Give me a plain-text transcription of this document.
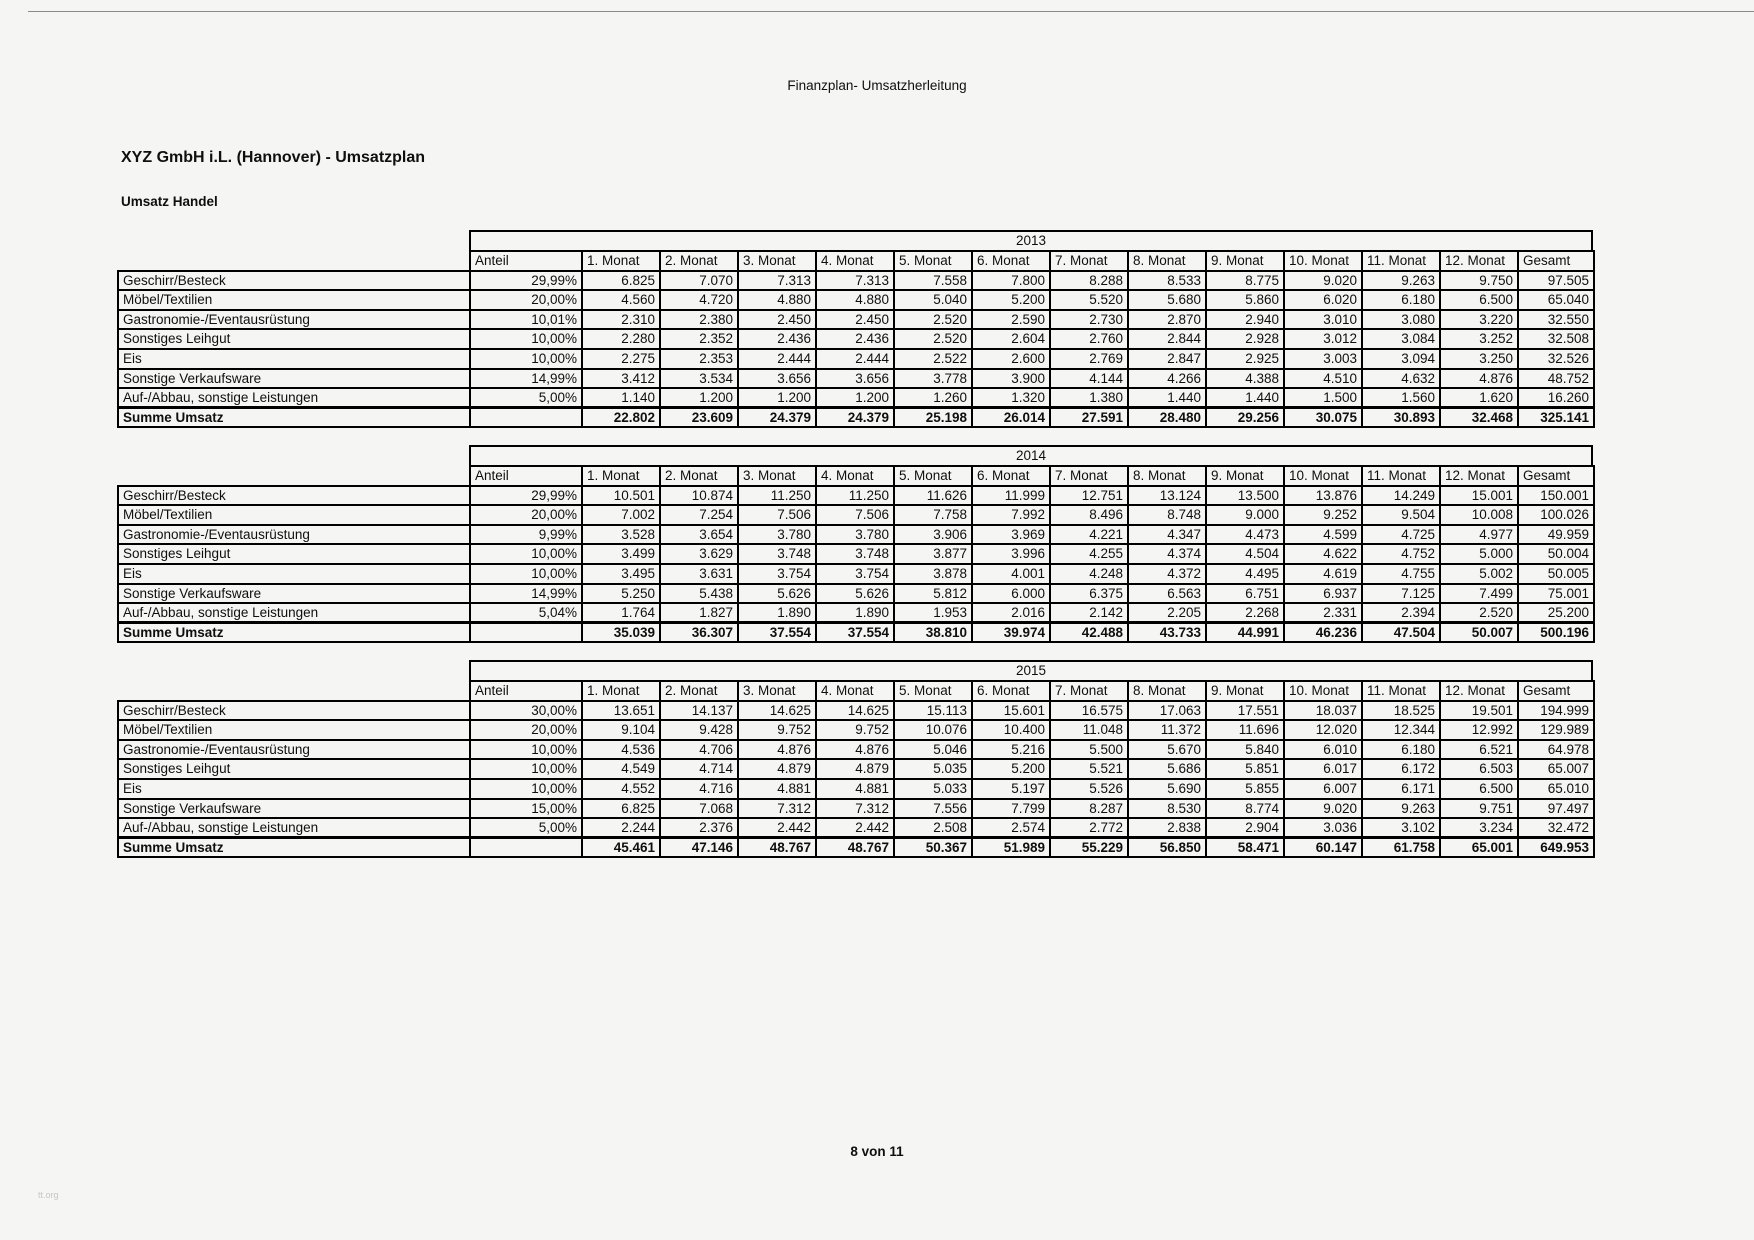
Finanzplan- Umsatzherleitung
XYZ GmbH i.L. (Hannover) - Umsatzplan
Umsatz Handel
2013
	Anteil	1. Monat	2. Monat	3. Monat	4. Monat	5. Monat	6. Monat	7. Monat	8. Monat	9. Monat	10. Monat	11. Monat	12. Monat	Gesamt
Geschirr/Besteck	29,99%	6.825	7.070	7.313	7.313	7.558	7.800	8.288	8.533	8.775	9.020	9.263	9.750	97.505
Möbel/Textilien	20,00%	4.560	4.720	4.880	4.880	5.040	5.200	5.520	5.680	5.860	6.020	6.180	6.500	65.040
Gastronomie-/Eventausrüstung	10,01%	2.310	2.380	2.450	2.450	2.520	2.590	2.730	2.870	2.940	3.010	3.080	3.220	32.550
Sonstiges Leihgut	10,00%	2.280	2.352	2.436	2.436	2.520	2.604	2.760	2.844	2.928	3.012	3.084	3.252	32.508
Eis	10,00%	2.275	2.353	2.444	2.444	2.522	2.600	2.769	2.847	2.925	3.003	3.094	3.250	32.526
Sonstige Verkaufsware	14,99%	3.412	3.534	3.656	3.656	3.778	3.900	4.144	4.266	4.388	4.510	4.632	4.876	48.752
Auf-/Abbau, sonstige Leistungen	5,00%	1.140	1.200	1.200	1.200	1.260	1.320	1.380	1.440	1.440	1.500	1.560	1.620	16.260
Summe Umsatz		22.802	23.609	24.379	24.379	25.198	26.014	27.591	28.480	29.256	30.075	30.893	32.468	325.141
2014
	Anteil	1. Monat	2. Monat	3. Monat	4. Monat	5. Monat	6. Monat	7. Monat	8. Monat	9. Monat	10. Monat	11. Monat	12. Monat	Gesamt
Geschirr/Besteck	29,99%	10.501	10.874	11.250	11.250	11.626	11.999	12.751	13.124	13.500	13.876	14.249	15.001	150.001
Möbel/Textilien	20,00%	7.002	7.254	7.506	7.506	7.758	7.992	8.496	8.748	9.000	9.252	9.504	10.008	100.026
Gastronomie-/Eventausrüstung	9,99%	3.528	3.654	3.780	3.780	3.906	3.969	4.221	4.347	4.473	4.599	4.725	4.977	49.959
Sonstiges Leihgut	10,00%	3.499	3.629	3.748	3.748	3.877	3.996	4.255	4.374	4.504	4.622	4.752	5.000	50.004
Eis	10,00%	3.495	3.631	3.754	3.754	3.878	4.001	4.248	4.372	4.495	4.619	4.755	5.002	50.005
Sonstige Verkaufsware	14,99%	5.250	5.438	5.626	5.626	5.812	6.000	6.375	6.563	6.751	6.937	7.125	7.499	75.001
Auf-/Abbau, sonstige Leistungen	5,04%	1.764	1.827	1.890	1.890	1.953	2.016	2.142	2.205	2.268	2.331	2.394	2.520	25.200
Summe Umsatz		35.039	36.307	37.554	37.554	38.810	39.974	42.488	43.733	44.991	46.236	47.504	50.007	500.196
2015
	Anteil	1. Monat	2. Monat	3. Monat	4. Monat	5. Monat	6. Monat	7. Monat	8. Monat	9. Monat	10. Monat	11. Monat	12. Monat	Gesamt
Geschirr/Besteck	30,00%	13.651	14.137	14.625	14.625	15.113	15.601	16.575	17.063	17.551	18.037	18.525	19.501	194.999
Möbel/Textilien	20,00%	9.104	9.428	9.752	9.752	10.076	10.400	11.048	11.372	11.696	12.020	12.344	12.992	129.989
Gastronomie-/Eventausrüstung	10,00%	4.536	4.706	4.876	4.876	5.046	5.216	5.500	5.670	5.840	6.010	6.180	6.521	64.978
Sonstiges Leihgut	10,00%	4.549	4.714	4.879	4.879	5.035	5.200	5.521	5.686	5.851	6.017	6.172	6.503	65.007
Eis	10,00%	4.552	4.716	4.881	4.881	5.033	5.197	5.526	5.690	5.855	6.007	6.171	6.500	65.010
Sonstige Verkaufsware	15,00%	6.825	7.068	7.312	7.312	7.556	7.799	8.287	8.530	8.774	9.020	9.263	9.751	97.497
Auf-/Abbau, sonstige Leistungen	5,00%	2.244	2.376	2.442	2.442	2.508	2.574	2.772	2.838	2.904	3.036	3.102	3.234	32.472
Summe Umsatz		45.461	47.146	48.767	48.767	50.367	51.989	55.229	56.850	58.471	60.147	61.758	65.001	649.953
8 von 11
tt.org
